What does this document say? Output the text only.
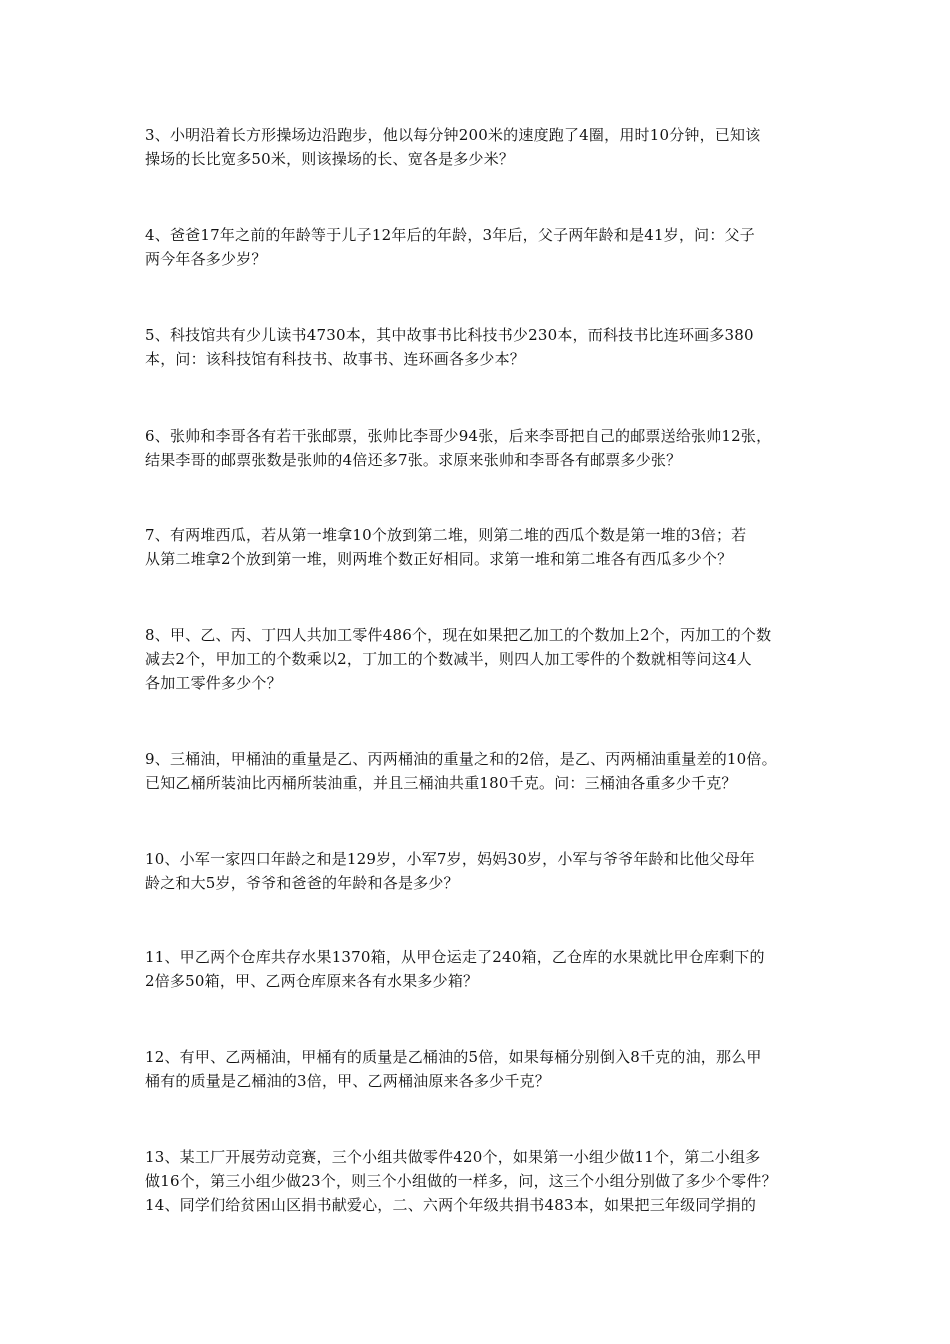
3、小明沿着长方形操场边沿跑步，他以每分钟200米的速度跑了4圈，用时10分钟，已知该
操场的长比宽多50米，则该操场的长、宽各是多少米？

4、爸爸17年之前的年龄等于儿子12年后的年龄，3年后，父子两年龄和是41岁，问：父子
两今年各多少岁？

5、科技馆共有少儿读书4730本，其中故事书比科技书少230本，而科技书比连环画多380
本，问：该科技馆有科技书、故事书、连环画各多少本？

6、张帅和李哥各有若干张邮票，张帅比李哥少94张，后来李哥把自己的邮票送给张帅12张，
结果李哥的邮票张数是张帅的4倍还多7张。求原来张帅和李哥各有邮票多少张？

7、有两堆西瓜，若从第一堆拿10个放到第二堆，则第二堆的西瓜个数是第一堆的3倍；若
从第二堆拿2个放到第一堆，则两堆个数正好相同。求第一堆和第二堆各有西瓜多少个？

8、甲、乙、丙、丁四人共加工零件486个，现在如果把乙加工的个数加上2个，丙加工的个数
减去2个，甲加工的个数乘以2，丁加工的个数减半，则四人加工零件的个数就相等问这4人
各加工零件多少个？

9、三桶油，甲桶油的重量是乙、丙两桶油的重量之和的2倍，是乙、丙两桶油重量差的10倍。
已知乙桶所装油比丙桶所装油重，并且三桶油共重180千克。问：三桶油各重多少千克？

10、小军一家四口年龄之和是129岁，小军7岁，妈妈30岁，小军与爷爷年龄和比他父母年
龄之和大5岁，爷爷和爸爸的年龄和各是多少？

11、甲乙两个仓库共存水果1370箱，从甲仓运走了240箱，乙仓库的水果就比甲仓库剩下的
2倍多50箱，甲、乙两仓库原来各有水果多少箱？

12、有甲、乙两桶油，甲桶有的质量是乙桶油的5倍，如果每桶分别倒入8千克的油，那么甲
桶有的质量是乙桶油的3倍，甲、乙两桶油原来各多少千克？

13、某工厂开展劳动竞赛，三个小组共做零件420个，如果第一小组少做11个，第二小组多
做16个，第三小组少做23个，则三个小组做的一样多，问，这三个小组分别做了多少个零件？

14、同学们给贫困山区捐书献爱心，二、六两个年级共捐书483本，如果把三年级同学捐的
